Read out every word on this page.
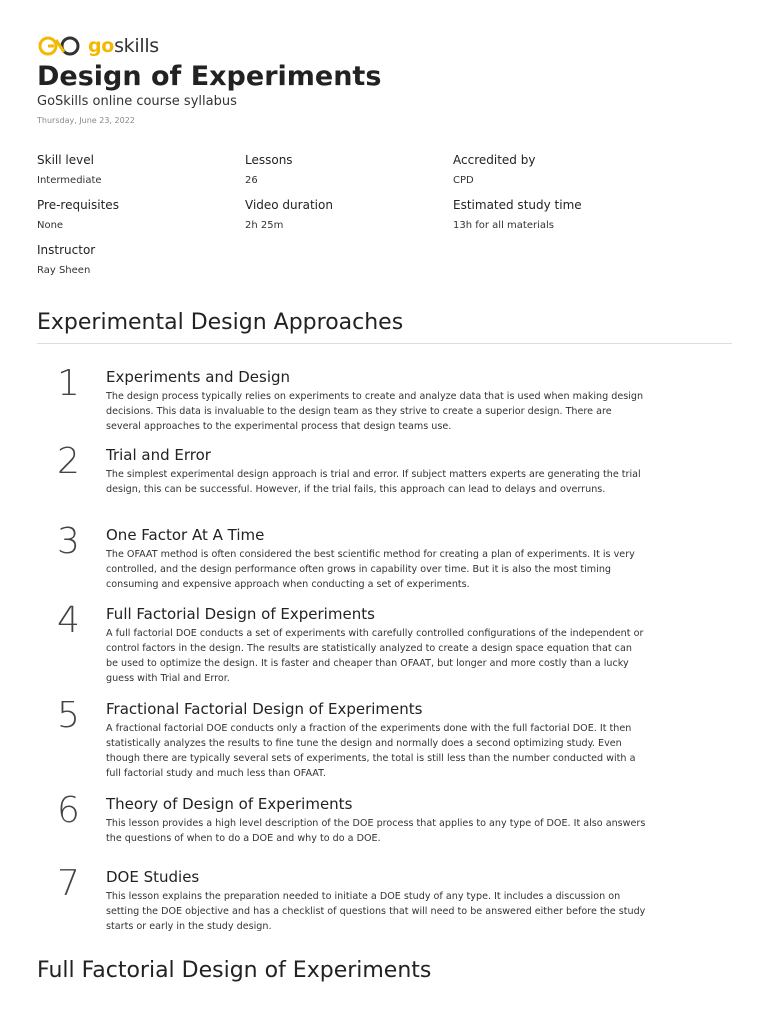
goskills
Design of Experiments
GoSkills online course syllabus
Thursday, June 23, 2022
Skill level
Intermediate
Lessons
26
Accredited by
CPD
Pre-requisites
None
Video duration
2h 25m
Estimated study time
13h for all materials
Instructor
Ray Sheen
Experimental Design Approaches
1 Experiments and Design
The design process typically relies on experiments to create and analyze data that is used when making design decisions. This data is invaluable to the design team as they strive to create a superior design. There are several approaches to the experimental process that design teams use.
2 Trial and Error
The simplest experimental design approach is trial and error. If subject matters experts are generating the trial design, this can be successful. However, if the trial fails, this approach can lead to delays and overruns.
3 One Factor At A Time
The OFAAT method is often considered the best scientific method for creating a plan of experiments. It is very controlled, and the design performance often grows in capability over time. But it is also the most timing consuming and expensive approach when conducting a set of experiments.
4 Full Factorial Design of Experiments
A full factorial DOE conducts a set of experiments with carefully controlled configurations of the independent or control factors in the design. The results are statistically analyzed to create a design space equation that can be used to optimize the design. It is faster and cheaper than OFAAT, but longer and more costly than a lucky guess with Trial and Error.
5 Fractional Factorial Design of Experiments
A fractional factorial DOE conducts only a fraction of the experiments done with the full factorial DOE. It then statistically analyzes the results to fine tune the design and normally does a second optimizing study. Even though there are typically several sets of experiments, the total is still less than the number conducted with a full factorial study and much less than OFAAT.
6 Theory of Design of Experiments
This lesson provides a high level description of the DOE process that applies to any type of DOE. It also answers the questions of when to do a DOE and why to do a DOE.
7 DOE Studies
This lesson explains the preparation needed to initiate a DOE study of any type. It includes a discussion on setting the DOE objective and has a checklist of questions that will need to be answered either before the study starts or early in the study design.
Full Factorial Design of Experiments
